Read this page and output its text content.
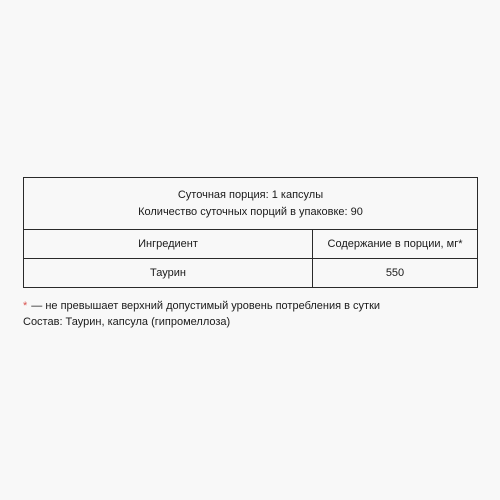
Суточная порция: 1 капсулы
Количество суточных порций в упаковке: 90
Ингредиент	Содержание в порции, мг*
Таурин	550
* — не превышает верхний допустимый уровень потребления в сутки
Состав: Таурин, капсула (гипромеллоза)
